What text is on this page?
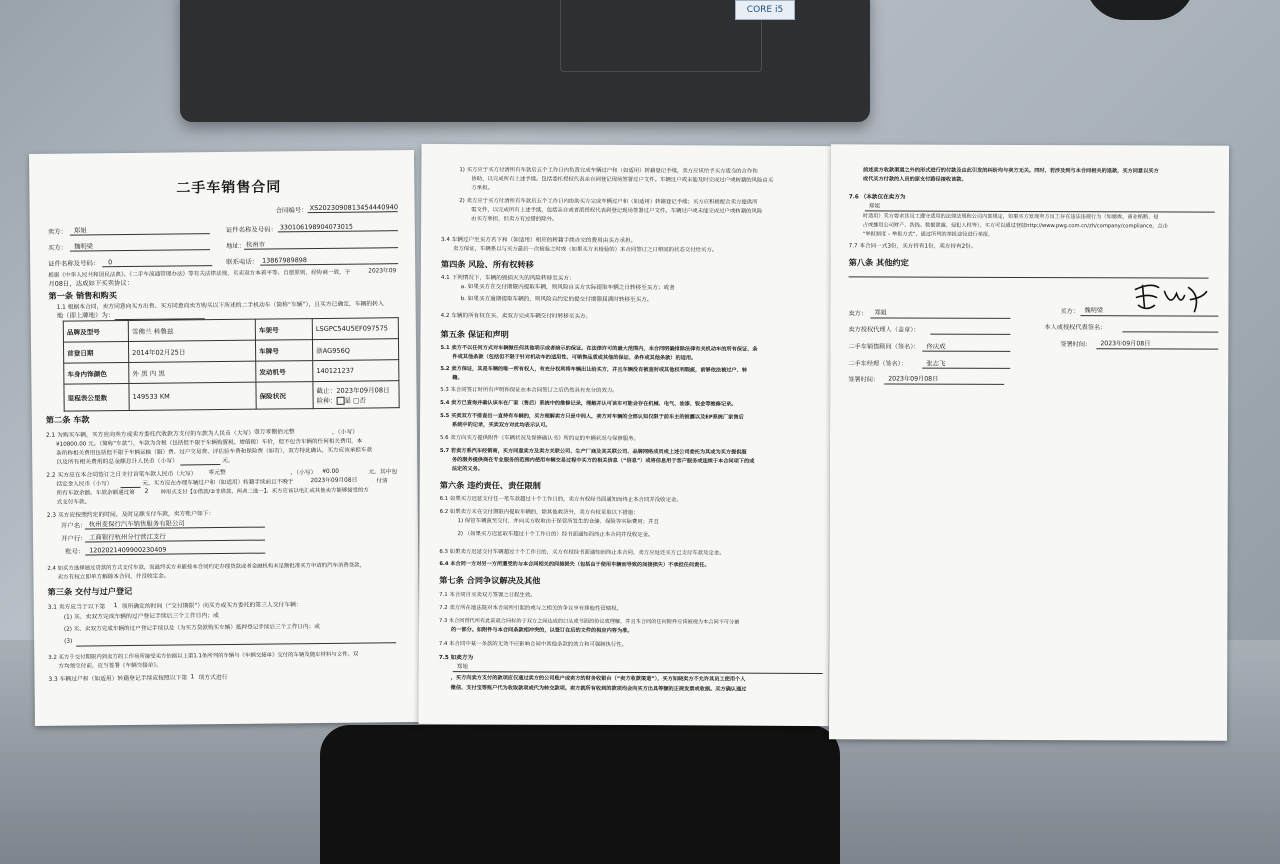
CORE i5
二手车销售合同
合同编号： XS2023090813454440940
卖方： 郑姐	证件名称及号码： 330106198904073015
买方： 魏明梁	地址： 杭州市
证件名称及号码： 0	联系电话： 13867989898
根据《中华人民共和国民法典》、《二手车流通管理办法》等有关法律法规，买卖双方本着平等、自愿原则，经协商一致，于	2023年09
月08日，达成如下买卖协议：
第一条 销售和购买
1.1 根据本合同，卖方同意向买方出售、买方同意向卖方购买以下所述的二手机动车（简称“车辆”），且买方已确定，车辆的转入
地（即上牌地）为：
品牌及型号	雪佛兰 科鲁兹	车架号	LSGPC54U5EF097575
首登日期	2014年02月25日	车牌号	浙AG956Q
车身内饰颜色	外 黑 内 黑	发动机号	140121237
里程表公里数	149533 KM	保险状况	截止：2023年09月08日
险种： 是 □否
第二条 车款
2.1 为购买车辆，买方应向卖方或卖方委托代收款方支付的车款为人民币（大写） 壹万零捌佰元整	，（小写）
¥10800.00 元。（简称“车款”），车款为含税（包括但不限于车辆购置税、增值税）车价，但不包含车辆的任何相关费用，本
条所称相关费用包括但不限于车辆运输（服）费、过户交易费、评估验车费和保险费（如有），双方特此确认，买方应该承担车款
以及所有相关费用的总金额总计人民币（小写）	元。
2.2 买方应在本合同签订之日支付首笔车款人民币（大写） 零元整	，（小写） ¥0.00	元。其中包
括定金人民币（小写）	元，买方应在办理车辆过户和（如适用）转籍手续前且不晚于	2023年09月08日	付清
所有车款余额。车款余额通过第 2 种形式支付【①借款/②非借款，两者二选一】。买方应该以电汇或其他卖方能够接受的方
式支付车款。
2.3 买方应按照约定的时间，及时足额支付车款，卖方账户如下：
开户名： 杭州麦保行汽车销售服务有限公司
开户行： 工商银行杭州分行营江支行
账号： 1202021409900230409
2.4 如买方选择通过贷款的方式支付车款，而最终买方未能按本合同约定办理贷款或者金融机构未足额批准买方申请的汽车消费贷款，
卖方有权立即单方解除本合同，并没收定金。
第三条 交付与过户登记
3.1 卖方应当于以下第 1 项所确定的时间（“交付期限”）向买方或买方委托的第三人交付车辆：
(1) 买、卖双方完成车辆的过户登记手续后三个工作日内；或
(2) 买、卖双方完成车辆的过户登记手续以及（为买方贷款购买车辆）抵押登记手续后三个工作日内；或
(3)
3.2 买方于交付期限内到卖方的工作场所接受卖方依据以上第1.1条所列的车辆与《车辆交接单》交付的车辆及随车材料与文件。双
方均须交付前，应当签署《车辆交接单》。
3.3 车辆过户和（如适用）转籍登记手续应按照以下第 1 项方式进行
1) 买方应于买方付清所有车款后五个工作日内负责完成车辆过户和（如适用）转籍登记手续，卖方应该给予买方适当的合作和
协助，以完成所有上述手续。包括委托授权代表亲自到登记现场签署过户文件。车辆过户或未能及时完成过户或转籍的风险由买
方承担。
2) 卖方应于买方付清所有车款后五个工作日内协助买方完成车辆过户和（如适用）转籍登记手续；买方应积极配合卖方提供所
需文件，以完成所有上述手续，包括亲自或者派授权代表到登记现场签署过户文件。车辆过户或未能完成过户或转籍的风险
由买方承担，但卖方有过错的除外。
3.4 车辆过户至买方名下和（如适用）相应的转籍手续办完的费用由买方承担。
卖方保证，车辆系以与买方最后一次检验之时或（如果买方未检验的）本合同签订之日相同的状态交付给买方。
第四条 风险、所有权转移
4.1 下列情况下，车辆的毁损灭失的风险转移至买方：
a. 如果买方在交付期限内提取车辆，则风险自买方实际提取车辆之日转移至买方；或者
b. 如果买方逾期提取车辆的，则风险自约定的提交付期限届满时转移至买方。
4.2 车辆的所有权在买、卖双方完成车辆交付时转移至买方。
第五条 保证和声明
5.1 卖方不以任何方式对车辆做任何其他明示或者暗示的保证。在法律许可的最大范围内，本合同明确排除法律有关机动车的所有保证、条
件或其他条款（包括但不限于针对机动车的适用性、可销售品质或其他的保证、条件或其他条款）的适用。
5.2 卖方保证，其是车辆的唯一所有权人，有充分权利将车辆出让给买方，并且车辆没有被查封或其他权利瑕疵，前够依法被过户、转
籍。
5.3 本合同签订时所有声明和保证在本合同签订之后仍然具有充分的效力。
5.4 卖方已查询并确认该车在厂家（售后）系统中的维修记录，理解并认可该车可能会存在机械、电气、油漆、钣金等维修记录。
5.5 买卖双方不排查出一直持有车辆的，买方理解卖方只是中间人，卖方对车辆的全部认知仅限于前车主的披露以及EP系统厂家售后
系统中的记录，买卖双方对此均表示认可。
5.6 卖方向买方提供附件《车辆状况及保修确认书》所约定的车辆状况与保修服务。
5.7 若卖方系汽车经销商，买方同意卖方及卖方关联公司、生产厂商及其关联公司、品牌网络成员或上述公司委托为其或为买方提供服
务的服务提供商在专业服务的范围内使用车辆交易过程中买方的相关信息（“信息”）或将信息用于客户服务或连续于本合同项下的或
法定的义务。
第六条 违约责任、责任限制
6.1 如果买方迟延支付任一笔车款超过十个工作日的，卖方有权经书面通知而终止本合同并没收定金。
6.2 如果卖方未在交付期限内提取车辆的，除其他救济外，卖方有权采取以下措施：
1) 保管车辆直至交付，并向买方收取由于保管所发生的仓储、保险等实际费用；并且
2) （如果买方迟延取车超过十个工作日的）经书面通知而终止本合同并没收定金。
6.3 如果卖方迟延交付车辆超过十个工作日的，买方有权经书面通知而终止本合同，卖方应返还买方已支付车款及定金。
6.4 本合同一方对另一方所遭受的与本合同相关的间接损失（包括由于使用车辆而导致的间接损失）不承担任何责任。
第七条 合同争议解决及其他
7.1 本合同自买卖双方签署之日起生效。
7.2 卖方所在地法院对本合同所引起的或与之相关的争议享有排他性管辖权。
7.3 本合同替代所有此前就合同标的于双方之间达成的口头或书面的协议或理解，并且本合同的任何附件应该被视为本合同不可分割
的一部分。如附件与本合同条款相冲突的，以签订在后的文件的相应内容为准。
7.4 本合同中某一条款的无效不应影响合同中其他条款的效力和可强制执行性。
7.5 如卖方为
郑姐
，买方向卖方支付的款项应仅通过卖方的公司账户或卖方的财务收银台（“卖方收款渠道”），买方知晓卖方不允许其员工使用个人
微信、支付宝等账户代为收取款项或代为转交款项。卖方就所有收到的款项均会向买方出具等额的正规发票或收据。买方确认通过
前述卖方收款渠道之外的形式进行的付款及由此引发的纠纷均与卖方无关。同时，若涉及到与本合同相关的退款，买方同意以买方
或代买方付款的人员的原支付路径接收该款。
7.6 （本款仅在卖方为
郑姐
时适用）卖方要求其员工遵守适用的法律法规和公司内部规定，如果买方发现卖方员工存在违法违规行为（如腐败、商业贿赂、侵
占或挪用公司财产、洗钱、数据泄露、侵犯人权等），买方可以通过登陆http://www.pwg.com.cn/zh/company/compliance，点击
“举报制度 – 举报方式”，通过所列的举报途径进行举报。
7.7 本合同一式3份，买方持有1份，卖方持有2份。
第八条 其他约定
卖方： 郑姐
卖方授权代理人（盖章）：
二手车销售顾问（签名）： 佟庆成
二手车经理（签名）：	张志飞
签署时间： 2023年09月08日
买方： 魏明梁
本人或授权代表签名：
签署时间： 2023年09月08日
